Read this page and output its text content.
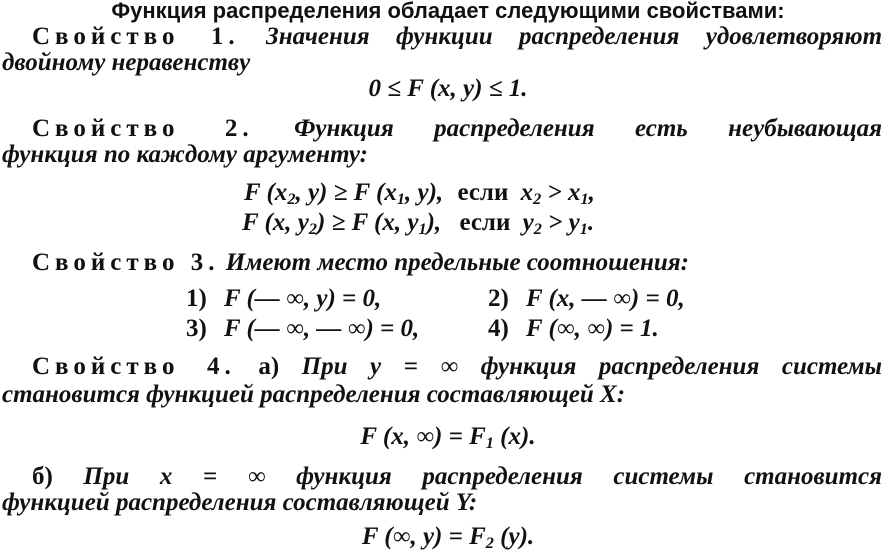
Функция распределения обладает следующими свойствами:
Свойство 1. Значения функции распределения удовлетворяют
двойному неравенству
0 ≤ F (x, y) ≤ 1.
Свойство 2. Функция распределения есть неубывающая
функция по каждому аргументу:
F ($x_2$, y) ≥ F ($x_1$, y), если $x_2 > x_1$,
F (x, $y_2) \ge F$ (x, $y_1$), если $y_2 > y_1$.
Свойство 3. Имеют место предельные соотношения:
1) F (— ∞, y) = 0,	2) F (x, — ∞) = 0,
3) F (— ∞, — ∞) = 0,	4) F (∞, ∞) = 1.
Свойство 4. а) При y = ∞ функция распределения системы
становится функцией распределения составляющей X:
F (x, ∞) = $F_1$ (x).
б) При x = ∞ функция распределения системы становится
функцией распределения составляющей Y:
F (∞, $y) = F_2$ (y).
